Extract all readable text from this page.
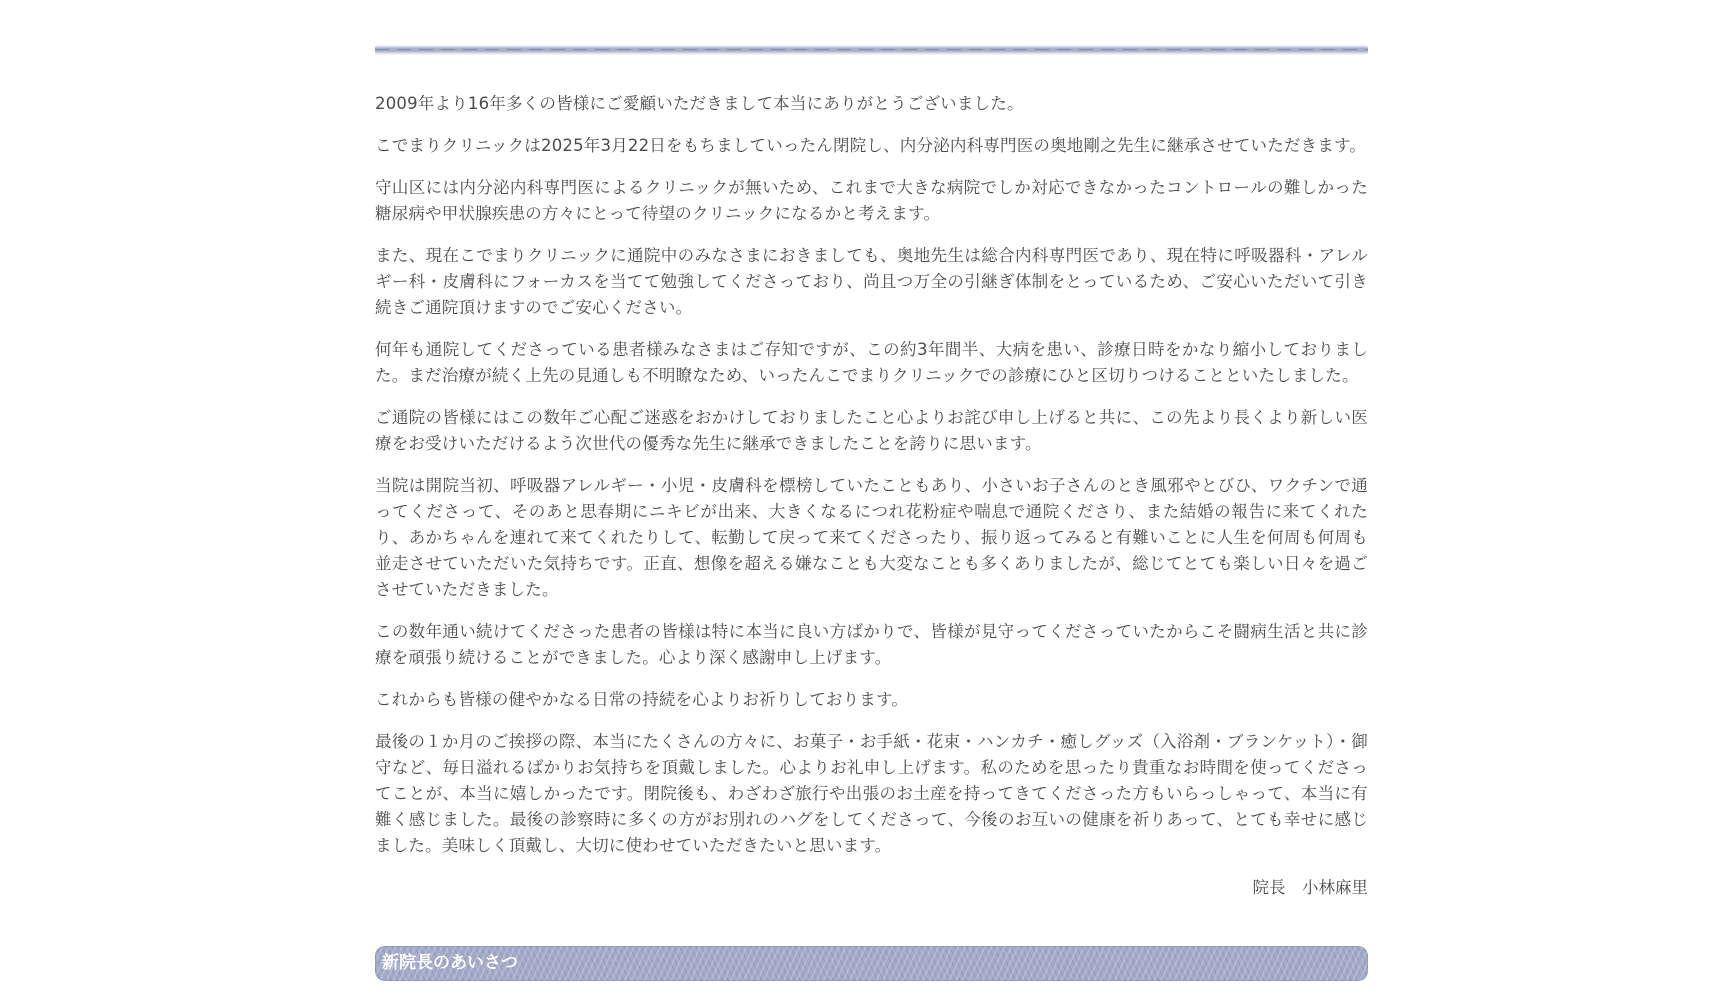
2009年より16年多くの皆様にご愛顧いただきまして本当にありがとうございました。

こでまりクリニックは2025年3月22日をもちましていったん閉院し、内分泌内科専門医の奥地剛之先生に継承させていただきます。

守山区には内分泌内科専門医によるクリニックが無いため、これまで大きな病院でしか対応できなかったコントロールの難しかった糖尿病や甲状腺疾患の方々にとって待望のクリニックになるかと考えます。

また、現在こでまりクリニックに通院中のみなさまにおきましても、奥地先生は総合内科専門医であり、現在特に呼吸器科・アレルギー科・皮膚科にフォーカスを当てて勉強してくださっており、尚且つ万全の引継ぎ体制をとっているため、ご安心いただいて引き続きご通院頂けますのでご安心ください。

何年も通院してくださっている患者様みなさまはご存知ですが、この約3年間半、大病を患い、診療日時をかなり縮小しておりました。まだ治療が続く上先の見通しも不明瞭なため、いったんこでまりクリニックでの診療にひと区切りつけることといたしました。

ご通院の皆様にはこの数年ご心配ご迷惑をおかけしておりましたこと心よりお詫び申し上げると共に、この先より長くより新しい医療をお受けいただけるよう次世代の優秀な先生に継承できましたことを誇りに思います。

当院は開院当初、呼吸器アレルギー・小児・皮膚科を標榜していたこともあり、小さいお子さんのとき風邪やとびひ、ワクチンで通ってくださって、そのあと思春期にニキビが出来、大きくなるにつれ花粉症や喘息で通院くださり、また結婚の報告に来てくれたり、あかちゃんを連れて来てくれたりして、転勤して戻って来てくださったり、振り返ってみると有難いことに人生を何周も何周も並走させていただいた気持ちです。正直、想像を超える嫌なことも大変なことも多くありましたが、総じてとても楽しい日々を過ごさせていただきました。

この数年通い続けてくださった患者の皆様は特に本当に良い方ばかりで、皆様が見守ってくださっていたからこそ闘病生活と共に診療を頑張り続けることができました。心より深く感謝申し上げます。

これからも皆様の健やかなる日常の持続を心よりお祈りしております。

最後の１か月のご挨拶の際、本当にたくさんの方々に、お菓子・お手紙・花束・ハンカチ・癒しグッズ（入浴剤・ブランケット）・御守など、毎日溢れるばかりお気持ちを頂戴しました。心よりお礼申し上げます。私のためを思ったり貴重なお時間を使ってくださってことが、本当に嬉しかったです。閉院後も、わざわざ旅行や出張のお土産を持ってきてくださった方もいらっしゃって、本当に有難く感じました。最後の診察時に多くの方がお別れのハグをしてくださって、今後のお互いの健康を祈りあって、とても幸せに感じました。美味しく頂戴し、大切に使わせていただきたいと思います。

院長　小林麻里
新院長のあいさつ
